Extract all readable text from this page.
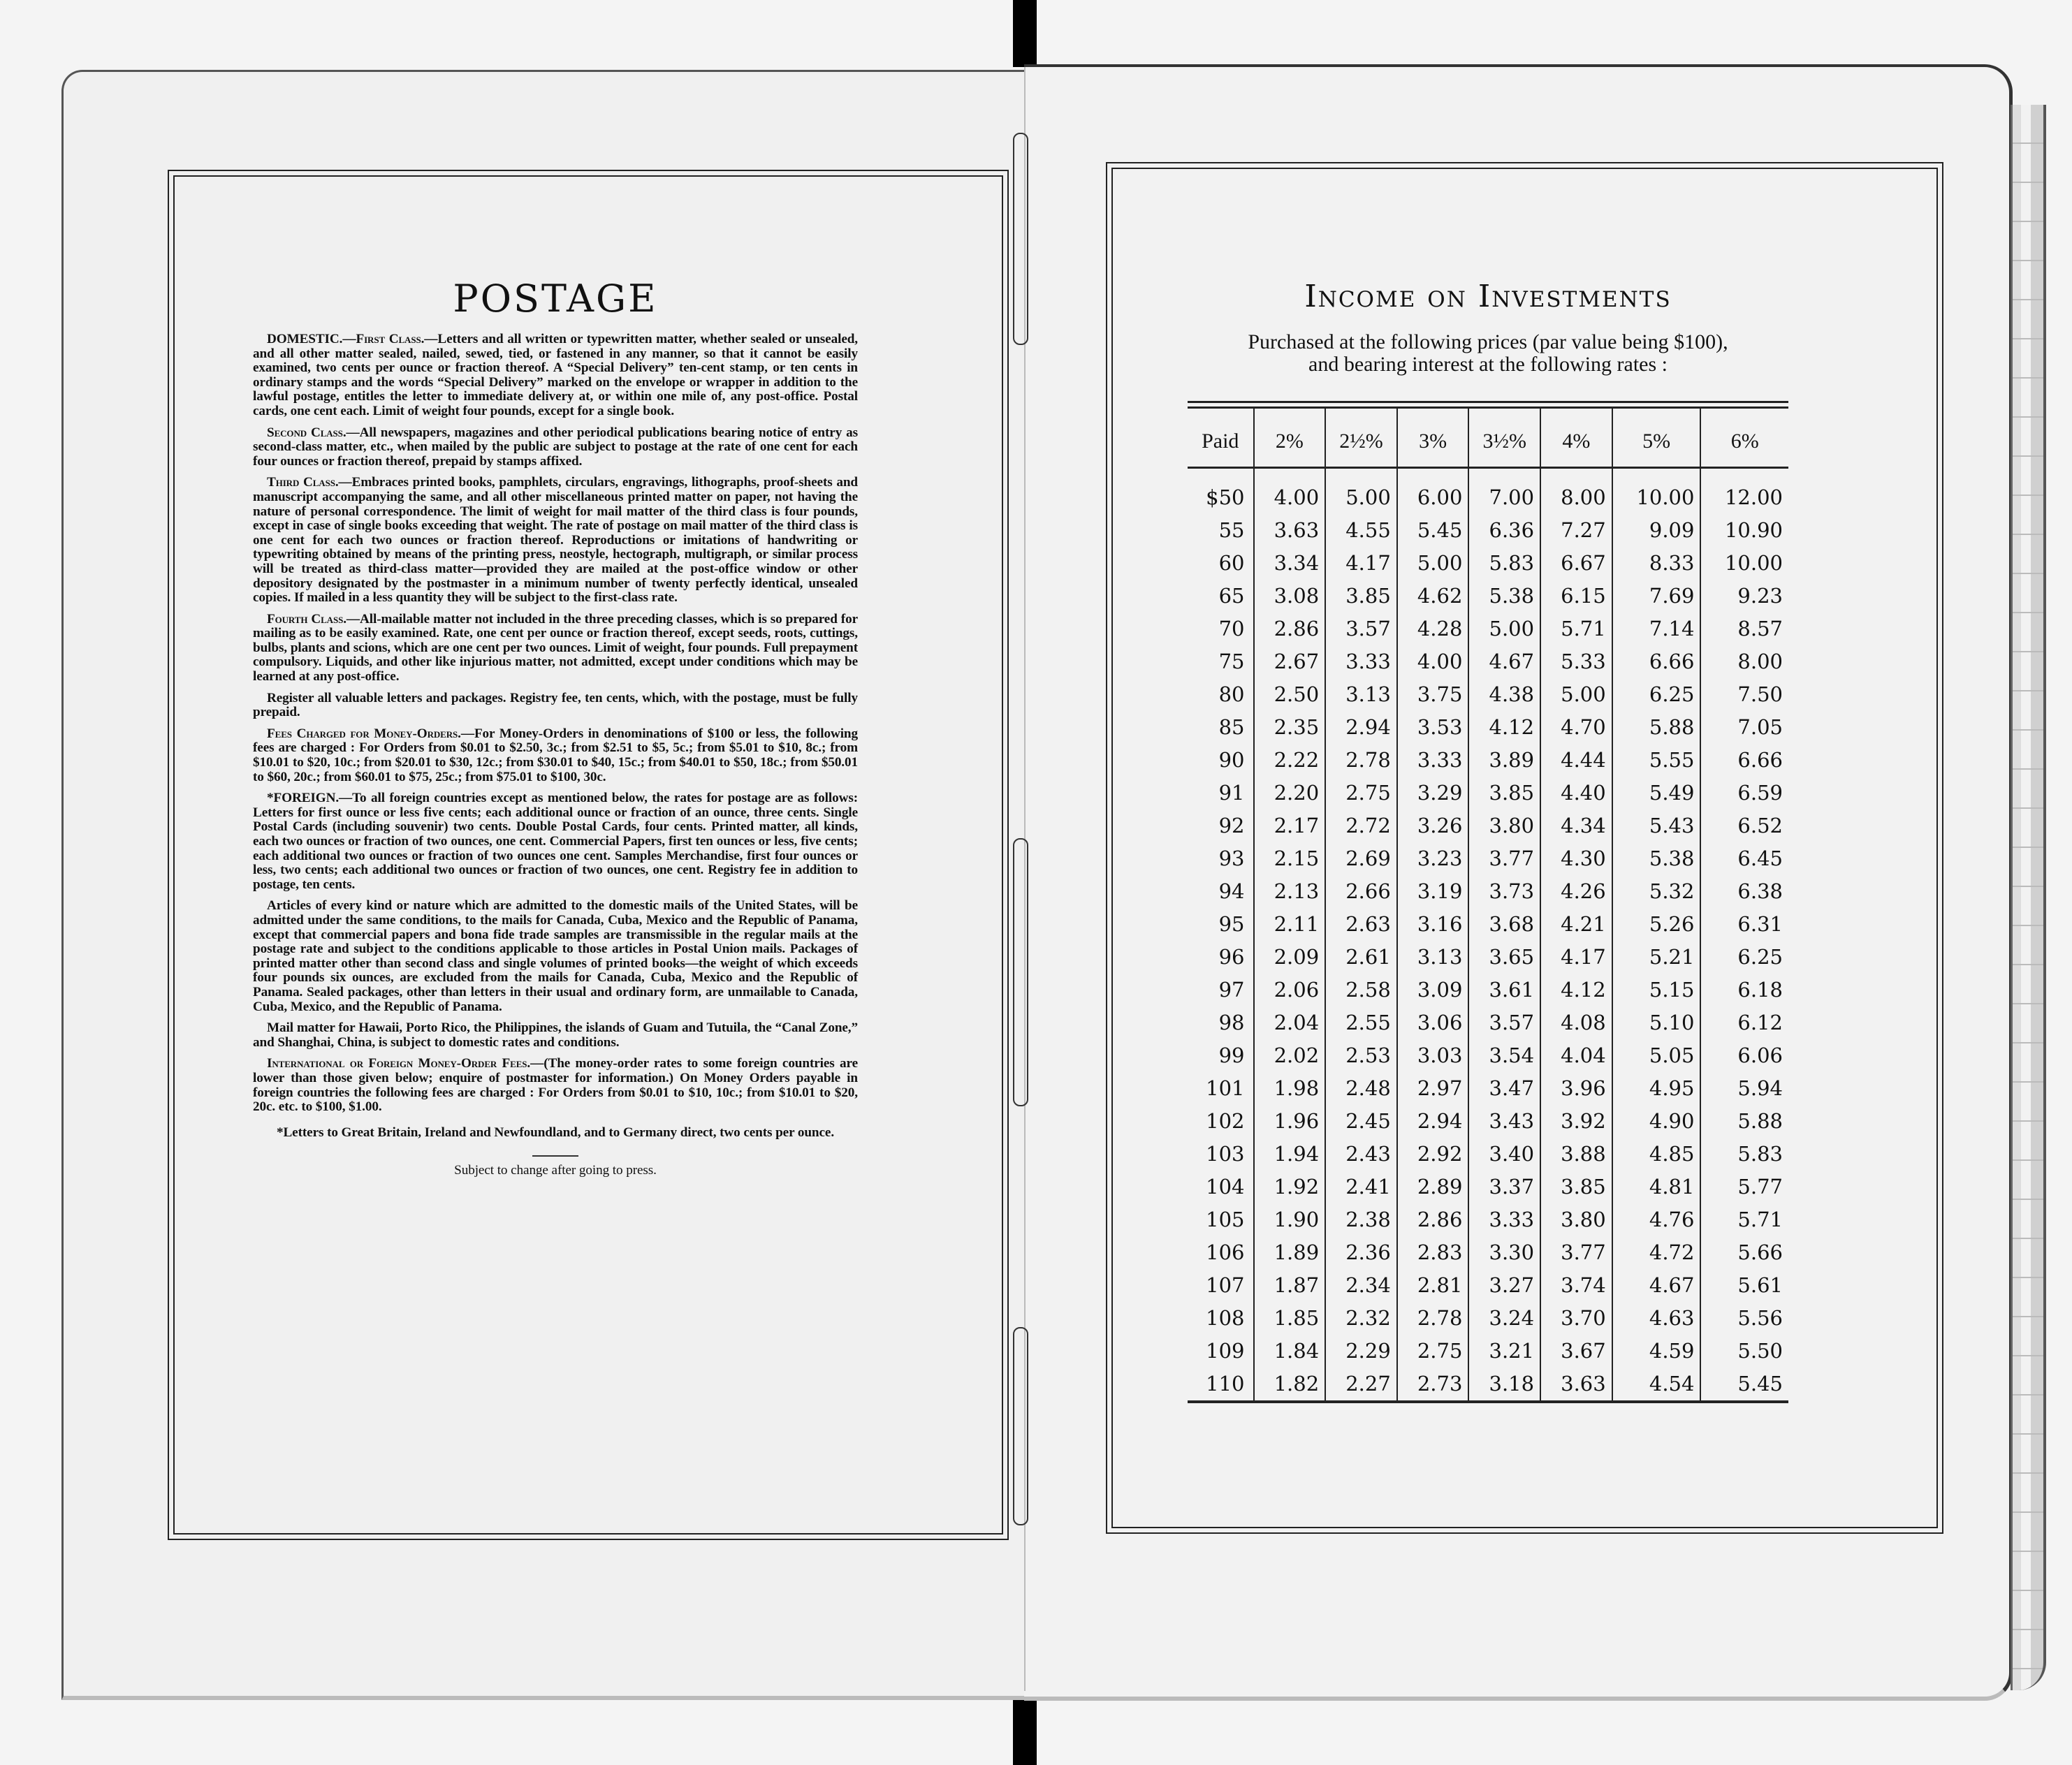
POSTAGE

DOMESTIC.—First Class.—Letters and all written or typewritten matter, whether sealed or unsealed, and all other matter sealed, nailed, sewed, tied, or fastened in any manner, so that it cannot be easily examined, two cents per ounce or fraction thereof. A “Special Delivery” ten-cent stamp, or ten cents in ordinary stamps and the words “Special Delivery” marked on the envelope or wrapper in addition to the lawful postage, entitles the letter to immediate delivery at, or within one mile of, any post-office. Postal cards, one cent each. Limit of weight four pounds, except for a single book.

Second Class.—All newspapers, magazines and other periodical publications bearing notice of entry as second-class matter, etc., when mailed by the public are subject to postage at the rate of one cent for each four ounces or fraction thereof, prepaid by stamps affixed.

Third Class.—Embraces printed books, pamphlets, circulars, engravings, lithographs, proof-sheets and manuscript accompanying the same, and all other miscellaneous printed matter on paper, not having the nature of personal correspondence. The limit of weight for mail matter of the third class is four pounds, except in case of single books exceeding that weight. The rate of postage on mail matter of the third class is one cent for each two ounces or fraction thereof. Reproductions or imitations of handwriting or typewriting obtained by means of the printing press, neostyle, hectograph, multigraph, or similar process will be treated as third-class matter—provided they are mailed at the post-office window or other depository designated by the postmaster in a minimum number of twenty perfectly identical, unsealed copies. If mailed in a less quantity they will be subject to the first-class rate.

Fourth Class.—All-mailable matter not included in the three preceding classes, which is so prepared for mailing as to be easily examined. Rate, one cent per ounce or fraction thereof, except seeds, roots, cuttings, bulbs, plants and scions, which are one cent per two ounces. Limit of weight, four pounds. Full prepayment compulsory. Liquids, and other like injurious matter, not admitted, except under conditions which may be learned at any post-office.

Register all valuable letters and packages. Registry fee, ten cents, which, with the postage, must be fully prepaid.

Fees Charged for Money-Orders.—For Money-Orders in denominations of $100 or less, the following fees are charged : For Orders from $0.01 to $2.50, 3c.; from $2.51 to $5, 5c.; from $5.01 to $10, 8c.; from $10.01 to $20, 10c.; from $20.01 to $30, 12c.; from $30.01 to $40, 15c.; from $40.01 to $50, 18c.; from $50.01 to $60, 20c.; from $60.01 to $75, 25c.; from $75.01 to $100, 30c.

*FOREIGN.—To all foreign countries except as mentioned below, the rates for postage are as follows: Letters for first ounce or less five cents; each additional ounce or fraction of an ounce, three cents. Single Postal Cards (including souvenir) two cents. Double Postal Cards, four cents. Printed matter, all kinds, each two ounces or fraction of two ounces, one cent. Commercial Papers, first ten ounces or less, five cents; each additional two ounces or fraction of two ounces one cent. Samples Merchandise, first four ounces or less, two cents; each additional two ounces or fraction of two ounces, one cent. Registry fee in addition to postage, ten cents.

Articles of every kind or nature which are admitted to the domestic mails of the United States, will be admitted under the same conditions, to the mails for Canada, Cuba, Mexico and the Republic of Panama, except that commercial papers and bona fide trade samples are transmissible in the regular mails at the postage rate and subject to the conditions applicable to those articles in Postal Union mails. Packages of printed matter other than second class and single volumes of printed books—the weight of which exceeds four pounds six ounces, are excluded from the mails for Canada, Cuba, Mexico and the Republic of Panama. Sealed packages, other than letters in their usual and ordinary form, are unmailable to Canada, Cuba, Mexico, and the Republic of Panama.

Mail matter for Hawaii, Porto Rico, the Philippines, the islands of Guam and Tutuila, the “Canal Zone,” and Shanghai, China, is subject to domestic rates and conditions.

International or Foreign Money-Order Fees.—(The money-order rates to some foreign countries are lower than those given below; enquire of postmaster for information.) On Money Orders payable in foreign countries the following fees are charged : For Orders from $0.01 to $10, 10c.; from $10.01 to $20, 20c. etc. to $100, $1.00.

*Letters to Great Britain, Ireland and Newfoundland, and to Germany direct, two cents per ounce.

Subject to change after going to press.

Income on Investments
Purchased at the following prices (par value being $100),
and bearing interest at the following rates :
Paid	2%	2½%	3%	3½%	4%	5%	6%
$50	4.00	5.00	6.00	7.00	8.00	10.00	12.00
55	3.63	4.55	5.45	6.36	7.27	9.09	10.90
60	3.34	4.17	5.00	5.83	6.67	8.33	10.00
65	3.08	3.85	4.62	5.38	6.15	7.69	9.23
70	2.86	3.57	4.28	5.00	5.71	7.14	8.57
75	2.67	3.33	4.00	4.67	5.33	6.66	8.00
80	2.50	3.13	3.75	4.38	5.00	6.25	7.50
85	2.35	2.94	3.53	4.12	4.70	5.88	7.05
90	2.22	2.78	3.33	3.89	4.44	5.55	6.66
91	2.20	2.75	3.29	3.85	4.40	5.49	6.59
92	2.17	2.72	3.26	3.80	4.34	5.43	6.52
93	2.15	2.69	3.23	3.77	4.30	5.38	6.45
94	2.13	2.66	3.19	3.73	4.26	5.32	6.38
95	2.11	2.63	3.16	3.68	4.21	5.26	6.31
96	2.09	2.61	3.13	3.65	4.17	5.21	6.25
97	2.06	2.58	3.09	3.61	4.12	5.15	6.18
98	2.04	2.55	3.06	3.57	4.08	5.10	6.12
99	2.02	2.53	3.03	3.54	4.04	5.05	6.06
101	1.98	2.48	2.97	3.47	3.96	4.95	5.94
102	1.96	2.45	2.94	3.43	3.92	4.90	5.88
103	1.94	2.43	2.92	3.40	3.88	4.85	5.83
104	1.92	2.41	2.89	3.37	3.85	4.81	5.77
105	1.90	2.38	2.86	3.33	3.80	4.76	5.71
106	1.89	2.36	2.83	3.30	3.77	4.72	5.66
107	1.87	2.34	2.81	3.27	3.74	4.67	5.61
108	1.85	2.32	2.78	3.24	3.70	4.63	5.56
109	1.84	2.29	2.75	3.21	3.67	4.59	5.50
110	1.82	2.27	2.73	3.18	3.63	4.54	5.45
